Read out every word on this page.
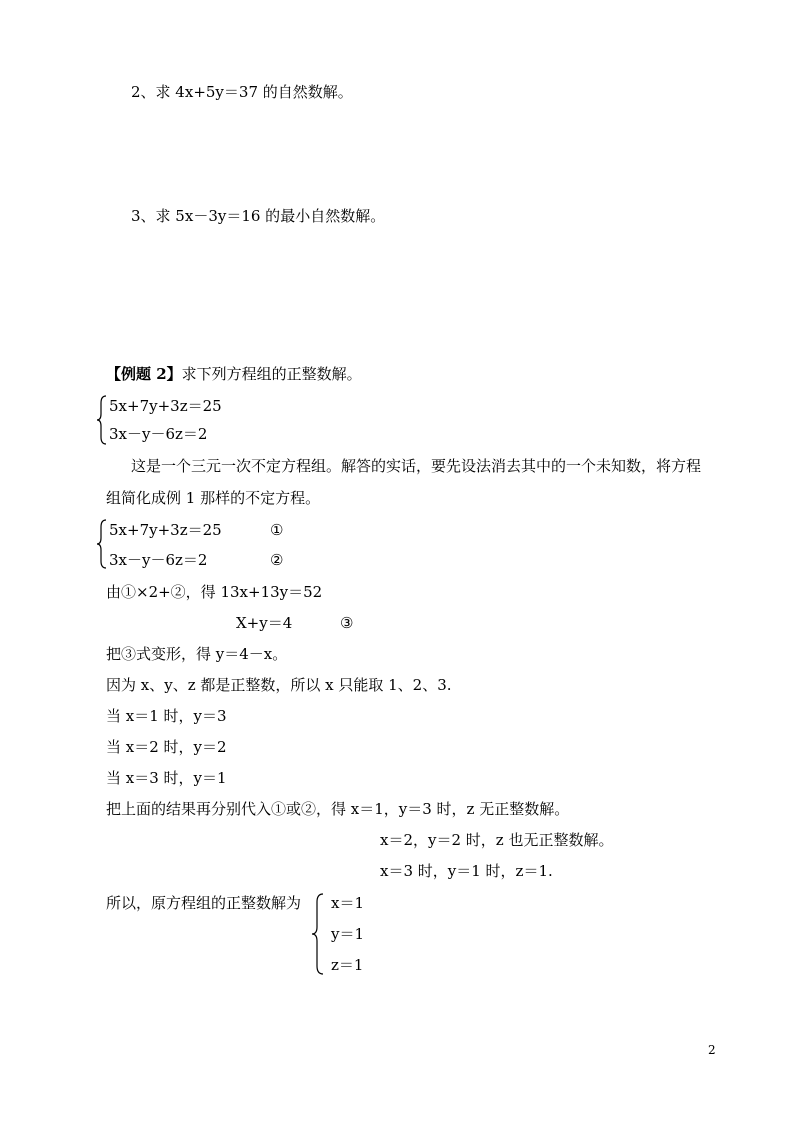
2、求 4x+5y＝37 的自然数解。
3、求 5x－3y＝16 的最小自然数解。
【例题 2】求下列方程组的正整数解。
5x+7y+3z＝25
3x－y－6z＝2
这是一个三元一次不定方程组。解答的实话，要先设法消去其中的一个未知数，将方程
组简化成例 1 那样的不定方程。
5x+7y+3z＝25	①
3x－y－6z＝2	②
由①×2+②，得 13x+13y＝52
X+y＝4	③
把③式变形，得 y＝4－x。
因为 x、y、z 都是正整数，所以 x 只能取 1、2、3.
当 x＝1 时，y＝3
当 x＝2 时，y＝2
当 x＝3 时，y＝1
把上面的结果再分别代入①或②，得 x＝1，y＝3 时，z 无正整数解。
x＝2，y＝2 时，z 也无正整数解。
x＝3 时，y＝1 时，z＝1.
所以，原方程组的正整数解为 x＝1
y＝1
z＝1
2
